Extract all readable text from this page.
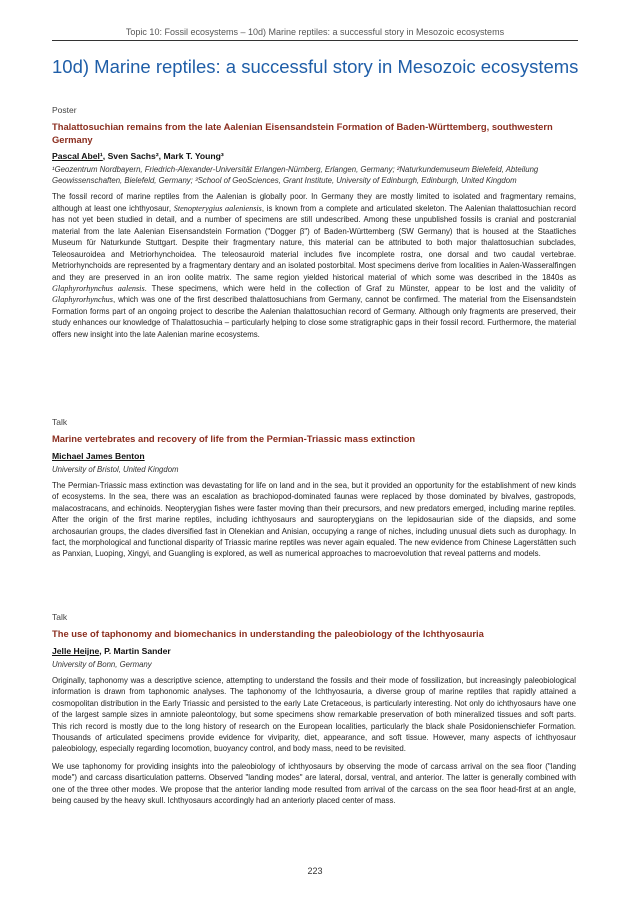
Topic 10: Fossil ecosystems – 10d) Marine reptiles: a successful story in Mesozoic ecosystems
10d) Marine reptiles: a successful story in Mesozoic ecosystems

Poster

Thalattosuchian remains from the late Aalenian Eisensandstein Formation of Baden-Württemberg, southwestern Germany

Pascal Abel¹, Sven Sachs², Mark T. Young³

¹Geozentrum Nordbayern, Friedrich-Alexander-Universität Erlangen-Nürnberg, Erlangen, Germany; ²Naturkundemuseum Bielefeld, Abteilung Geowissenschaften, Bielefeld, Germany; ³School of GeoSciences, Grant Institute, University of Edinburgh, Edinburgh, United Kingdom

The fossil record of marine reptiles from the Aalenian is globally poor. In Germany they are mostly limited to isolated and fragmentary remains, although at least one ichthyosaur, Stenopterygius aaleniensis, is known from a complete and articulated skeleton. The Aalenian thalattosuchian record has not yet been studied in detail, and a number of specimens are still undescribed. Among these unpublished fossils is cranial and postcranial material from the late Aalenian Eisensandstein Formation ("Dogger β") of Baden-Württemberg (SW Germany) that is housed at the Staatliches Museum für Naturkunde Stuttgart. Despite their fragmentary nature, this material can be attributed to both major thalattosuchian subclades, Teleosauroidea and Metriorhynchoidea. The teleosauroid material includes five incomplete rostra, one dorsal and two caudal vertebrae. Metriorhynchoids are represented by a fragmentary dentary and an isolated postorbital. Most specimens derive from localities in Aalen-Wasseralfingen and they are preserved in an iron oolite matrix. The same region yielded historical material of which some was described in the 1840s as Glaphyrorhynchus aalensis. These specimens, which were held in the collection of Graf zu Münster, appear to be lost and the validity of Glaphyrorhynchus, which was one of the first described thalattosuchians from Germany, cannot be confirmed. The material from the Eisensandstein Formation forms part of an ongoing project to describe the Aalenian thalattosuchian record of Germany. Although only fragments are preserved, their study enhances our knowledge of Thalattosuchia – particularly helping to close some stratigraphic gaps in their fossil record. Furthermore, the material offers new insight into the late Aalenian marine ecosystems.

Talk

Marine vertebrates and recovery of life from the Permian-Triassic mass extinction

Michael James Benton

University of Bristol, United Kingdom

The Permian-Triassic mass extinction was devastating for life on land and in the sea, but it provided an opportunity for the establishment of new kinds of ecosystems. In the sea, there was an escalation as brachiopod-dominated faunas were replaced by those dominated by bivalves, gastropods, malacostracans, and echinoids. Neopterygian fishes were faster moving than their precursors, and new predators emerged, including marine reptiles. After the origin of the first marine reptiles, including ichthyosaurs and sauropterygians on the lepidosaurian side of the diapsids, and some archosaurian groups, the clades diversified fast in Olenekian and Anisian, occupying a range of niches, including unusual diets such as durophagy. In fact, the morphological and functional disparity of Triassic marine reptiles was never again equaled. The new evidence from Chinese Lagerstätten such as Panxian, Luoping, Xingyi, and Guangling is explored, as well as numerical approaches to macroevolution that reveal patterns and models.

Talk

The use of taphonomy and biomechanics in understanding the paleobiology of the Ichthyosauria

Jelle Heijne, P. Martin Sander

University of Bonn, Germany

Originally, taphonomy was a descriptive science, attempting to understand the fossils and their mode of fossilization, but increasingly paleobiological information is drawn from taphonomic analyses. The taphonomy of the Ichthyosauria, a diverse group of marine reptiles that rapidly attained a cosmopolitan distribution in the Early Triassic and persisted to the early Late Cretaceous, is particularly interesting. Not only do ichthyosaurs have one of the largest sample sizes in amniote paleontology, but some specimens show remarkable preservation of both mineralized tissues and soft parts. This rich record is mostly due to the long history of research on the European localities, particularly the black shale Posidonienschiefer Formation. Thousands of articulated specimens provide evidence for viviparity, diet, appearance, and soft tissue. However, many aspects of ichthyosaur paleobiology, especially regarding locomotion, buoyancy control, and body mass, need to be revisited.

We use taphonomy for providing insights into the paleobiology of ichthyosaurs by observing the mode of carcass arrival on the sea floor ("landing mode") and carcass disarticulation patterns. Observed "landing modes" are lateral, dorsal, ventral, and anterior. The latter is generally combined with one of the three other modes. We propose that the anterior landing mode resulted from arrival of the carcass on the sea floor head-first at an angle, being caused by the heavy skull. Ichthyosaurs accordingly had an anteriorly placed center of mass.

223
